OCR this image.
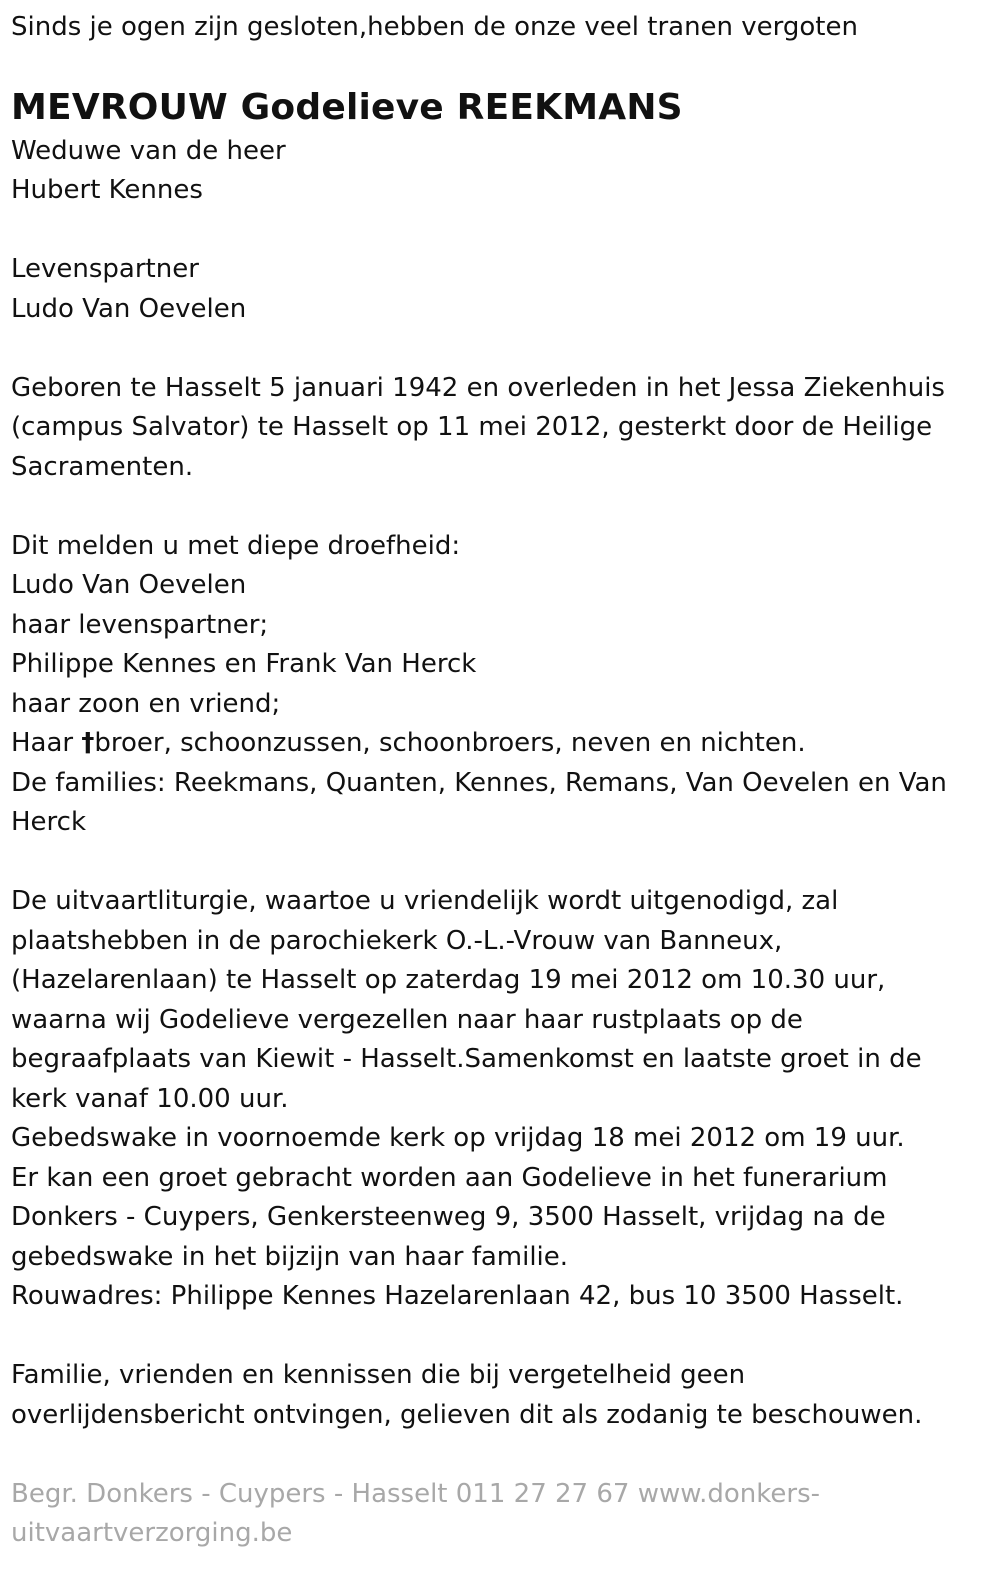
Sinds je ogen zijn gesloten,hebben de onze veel tranen vergoten

MEVROUW Godelieve REEKMANS

Weduwe van de heer

Hubert Kennes

Levenspartner

Ludo Van Oevelen

Geboren te Hasselt 5 januari 1942 en overleden in het Jessa Ziekenhuis (campus Salvator) te Hasselt op 11 mei 2012, gesterkt door de Heilige Sacramenten.

Dit melden u met diepe droefheid:

Ludo Van Oevelen

haar levenspartner;

Philippe Kennes en Frank Van Herck

haar zoon en vriend;

Haar †broer, schoonzussen, schoonbroers, neven en nichten.

De families: Reekmans, Quanten, Kennes, Remans, Van Oevelen en Van Herck

De uitvaartliturgie, waartoe u vriendelijk wordt uitgenodigd, zal plaatshebben in de parochiekerk O.-L.-Vrouw van Banneux, (Hazelarenlaan) te Hasselt op zaterdag 19 mei 2012 om 10.30 uur, waarna wij Godelieve vergezellen naar haar rustplaats op de begraafplaats van Kiewit - Hasselt.Samenkomst en laatste groet in de kerk vanaf 10.00 uur.

Gebedswake in voornoemde kerk op vrijdag 18 mei 2012 om 19 uur.

Er kan een groet gebracht worden aan Godelieve in het funerarium Donkers - Cuypers, Genkersteenweg 9, 3500 Hasselt, vrijdag na de gebedswake in het bijzijn van haar familie.

Rouwadres: Philippe Kennes Hazelarenlaan 42, bus 10 3500 Hasselt.

Familie, vrienden en kennissen die bij vergetelheid geen overlijdensbericht ontvingen, gelieven dit als zodanig te beschouwen.

Begr. Donkers - Cuypers - Hasselt 011 27 27 67 www.donkers-uitvaartverzorging.be
